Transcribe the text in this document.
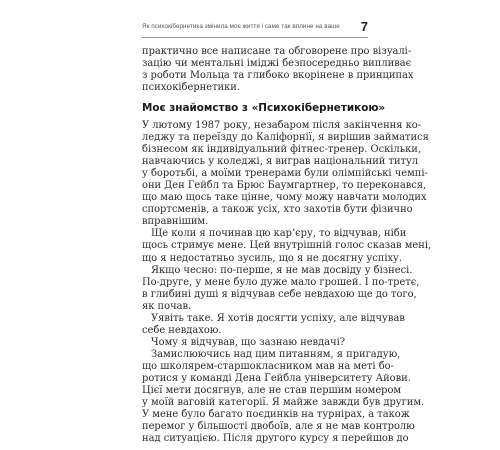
Як психокібернетика змінила моє життя і саме так вплине на ваше 7
практично все написане та обговорене про візуалі-
зацію чи ментальні іміджі безпосередньо випливає
з роботи Мольца та глибоко вкорінене в принципах
психокібернетики.
Моє знайомство з «Психокібернетикою»
У лютому 1987 року, незабаром після закінчення ко-
леджу та переїзду до Каліфорнії, я вирішив займатися
бізнесом як індивідуальний фітнес-тренер. Оскільки,
навчаючись у коледжі, я виграв національний титул
у боротьбі, а моїми тренерами були олімпійські чемпі-
они Ден Гейбл та Брюс Баумгартнер, то переконався,
що маю щось таке цінне, чому можу навчати молодих
спортсменів, а також усіх, хто захотів бути фізично
вправнішим.
Ще коли я починав цю кар’єру, то відчував, ніби
щось стримує мене. Цей внутрішній голос сказав мені,
що я недостатньо зусиль, що я не досягну успіху.
Якщо чесно: по-перше, я не мав досвіду у бізнесі.
По-друге, у мене було дуже мало грошей. І по-третє,
в глибині душі я відчував себе невдахою ще до того,
як почав.
Уявіть таке. Я хотів досягти успіху, але відчував
себе невдахою.
Чому я відчував, що зазнаю невдачі?
Замислюючись над цим питанням, я пригадую,
що школярем-старшокласником мав на меті бо-
ротися у команді Дена Гейбла університету Айови.
Цієї мети досягнув, але не став першим номером
у моїй ваговій категорії. Я майже завжди був другим.
У мене було багато поєдинків на турнірах, а також
перемог у більшості двобоїв, але я не мав контролю
над ситуацією. Після другого курсу я перейшов до
